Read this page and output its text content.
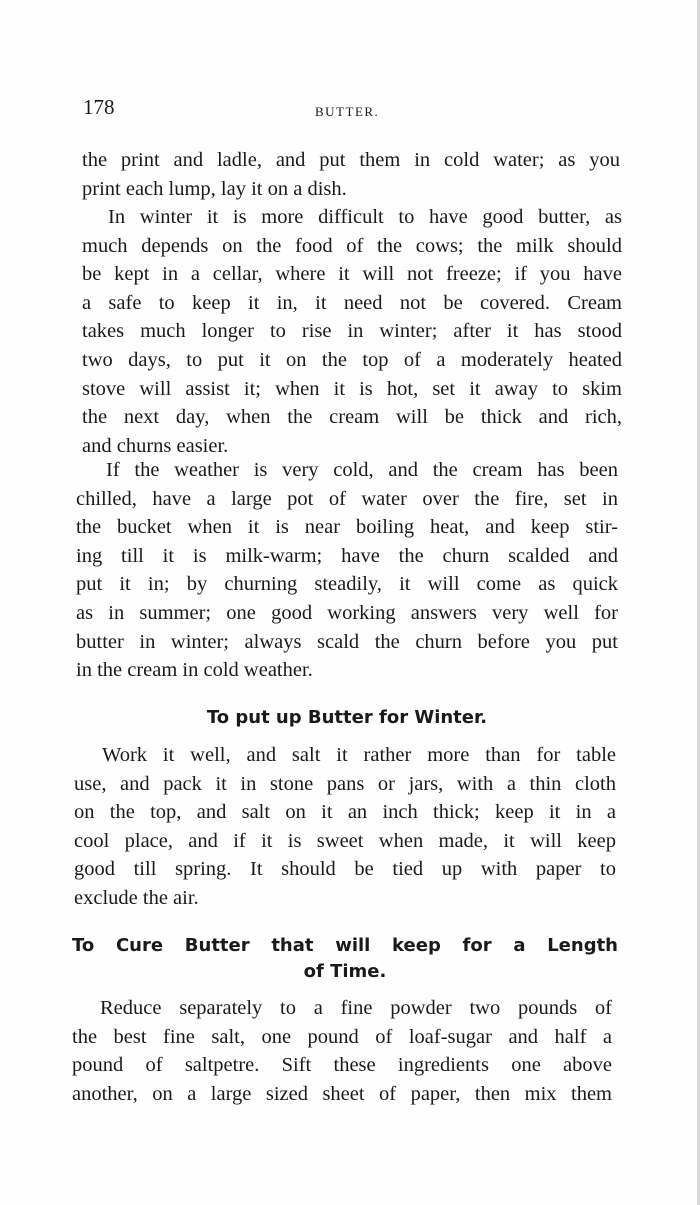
178	BUTTER.

the print and ladle, and put them in cold water; as you

print each lump, lay it on a dish.

In winter it is more difficult to have good butter, as

much depends on the food of the cows; the milk should

be kept in a cellar, where it will not freeze; if you have

a safe to keep it in, it need not be covered. Cream

takes much longer to rise in winter; after it has stood

two days, to put it on the top of a moderately heated

stove will assist it; when it is hot, set it away to skim

the next day, when the cream will be thick and rich,

and churns easier.

If the weather is very cold, and the cream has been

chilled, have a large pot of water over the fire, set in

the bucket when it is near boiling heat, and keep stir-

ing till it is milk-warm; have the churn scalded and

put it in; by churning steadily, it will come as quick

as in summer; one good working answers very well for

butter in winter; always scald the churn before you put

in the cream in cold weather.

To put up Butter for Winter.

Work it well, and salt it rather more than for table

use, and pack it in stone pans or jars, with a thin cloth

on the top, and salt on it an inch thick; keep it in a

cool place, and if it is sweet when made, it will keep

good till spring. It should be tied up with paper to

exclude the air.

To Cure Butter that will keep for a Length
of Time.

Reduce separately to a fine powder two pounds of

the best fine salt, one pound of loaf-sugar and half a

pound of saltpetre. Sift these ingredients one above

another, on a large sized sheet of paper, then mix them
